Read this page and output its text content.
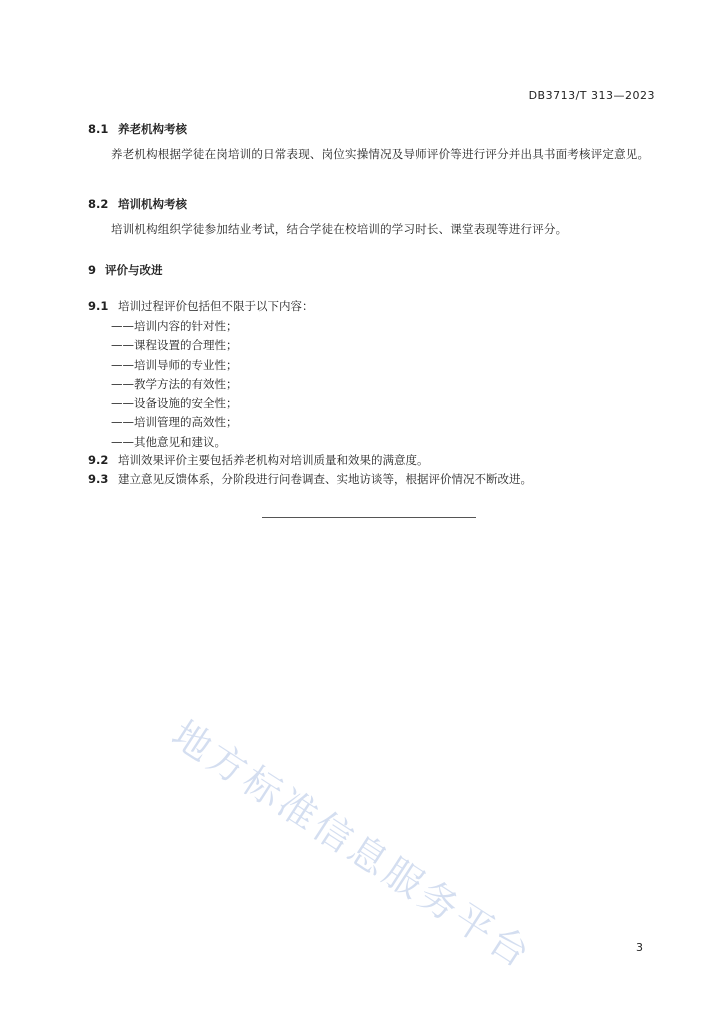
DB3713/T 313—2023
8.1 养老机构考核
养老机构根据学徒在岗培训的日常表现、岗位实操情况及导师评价等进行评分并出具书面考核评定意见。
8.2 培训机构考核
培训机构组织学徒参加结业考试，结合学徒在校培训的学习时长、课堂表现等进行评分。
9 评价与改进
9.1 培训过程评价包括但不限于以下内容：
——培训内容的针对性；
——课程设置的合理性；
——培训导师的专业性；
——教学方法的有效性；
——设备设施的安全性；
——培训管理的高效性；
——其他意见和建议。
9.2 培训效果评价主要包括养老机构对培训质量和效果的满意度。
9.3 建立意见反馈体系，分阶段进行问卷调查、实地访谈等，根据评价情况不断改进。
地方标准信息服务平台	3
